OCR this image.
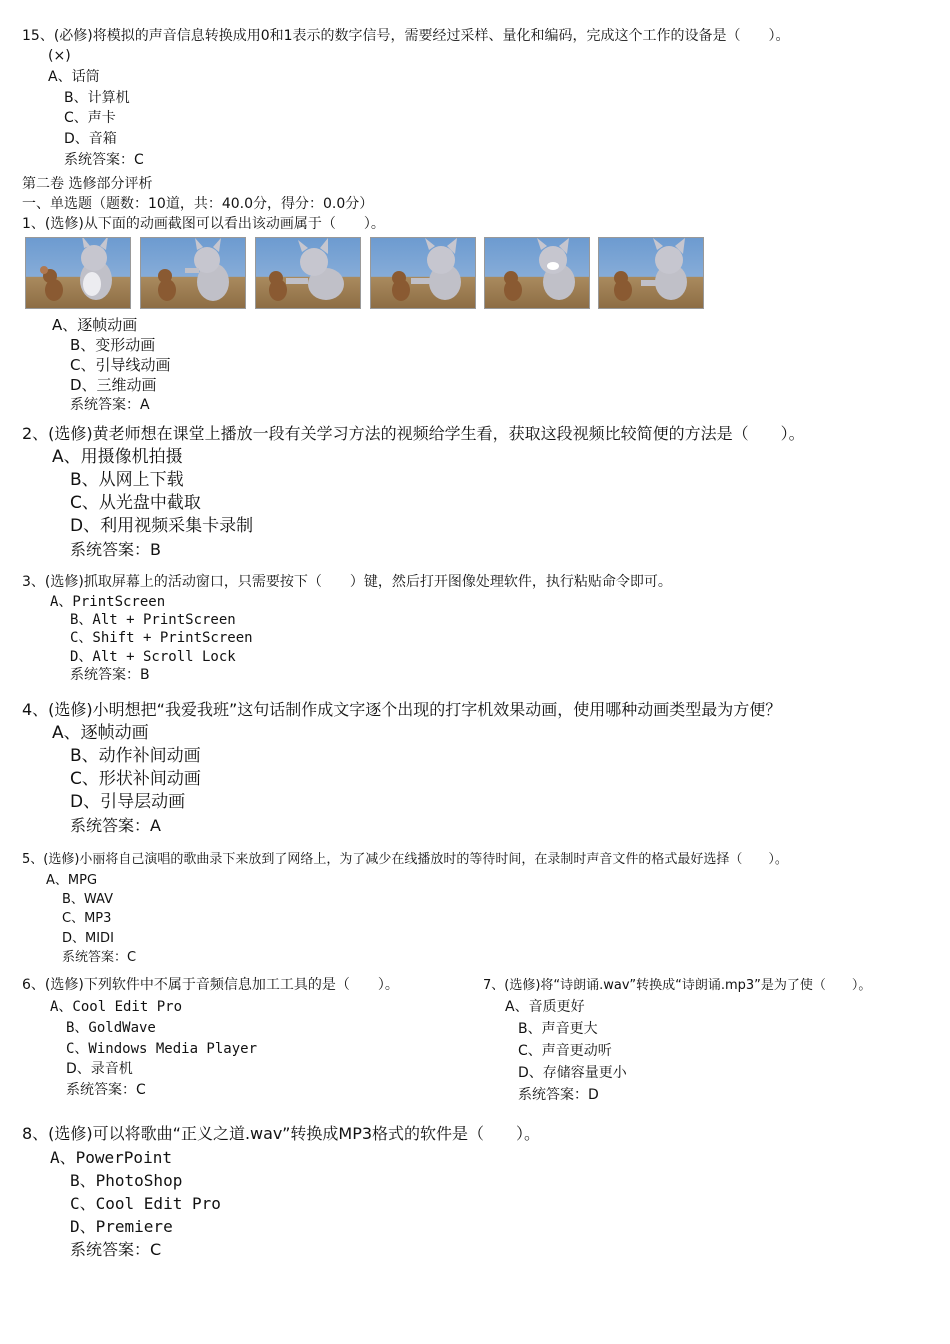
15、(必修)将模拟的声音信息转换成用0和1表示的数字信号，需要经过采样、量化和编码，完成这个工作的设备是（　　）。
(×)
A、话筒
B、计算机
C、声卡
D、音箱
系统答案：C
第二卷 选修部分评析
一、单选题（题数：10道，共：40.0分，得分：0.0分）
1、(选修)从下面的动画截图可以看出该动画属于（　　）。
A、逐帧动画
B、变形动画
C、引导线动画
D、三维动画
系统答案：A
2、(选修)黄老师想在课堂上播放一段有关学习方法的视频给学生看，获取这段视频比较简便的方法是（　　）。
A、用摄像机拍摄
B、从网上下载
C、从光盘中截取
D、利用视频采集卡录制
系统答案：B
3、(选修)抓取屏幕上的活动窗口，只需要按下（　　）键，然后打开图像处理软件，执行粘贴命令即可。
A、PrintScreen
B、Alt + PrintScreen
C、Shift + PrintScreen
D、Alt + Scroll Lock
系统答案：B
4、(选修)小明想把“我爱我班”这句话制作成文字逐个出现的打字机效果动画，使用哪种动画类型最为方便？
A、逐帧动画
B、动作补间动画
C、形状补间动画
D、引导层动画
系统答案：A
5、(选修)小丽将自己演唱的歌曲录下来放到了网络上，为了减少在线播放时的等待时间，在录制时声音文件的格式最好选择（　　）。
A、MPG
B、WAV
C、MP3
D、MIDI
系统答案：C
6、(选修)下列软件中不属于音频信息加工工具的是（　　）。
A、Cool Edit Pro
B、GoldWave
C、Windows Media Player
D、录音机
系统答案：C
7、(选修)将“诗朗诵.wav”转换成“诗朗诵.mp3”是为了使（　　）。
A、音质更好
B、声音更大
C、声音更动听
D、存储容量更小
系统答案：D
8、(选修)可以将歌曲“正义之道.wav”转换成MP3格式的软件是（　　）。
A、PowerPoint
B、PhotoShop
C、Cool Edit Pro
D、Premiere
系统答案：C
